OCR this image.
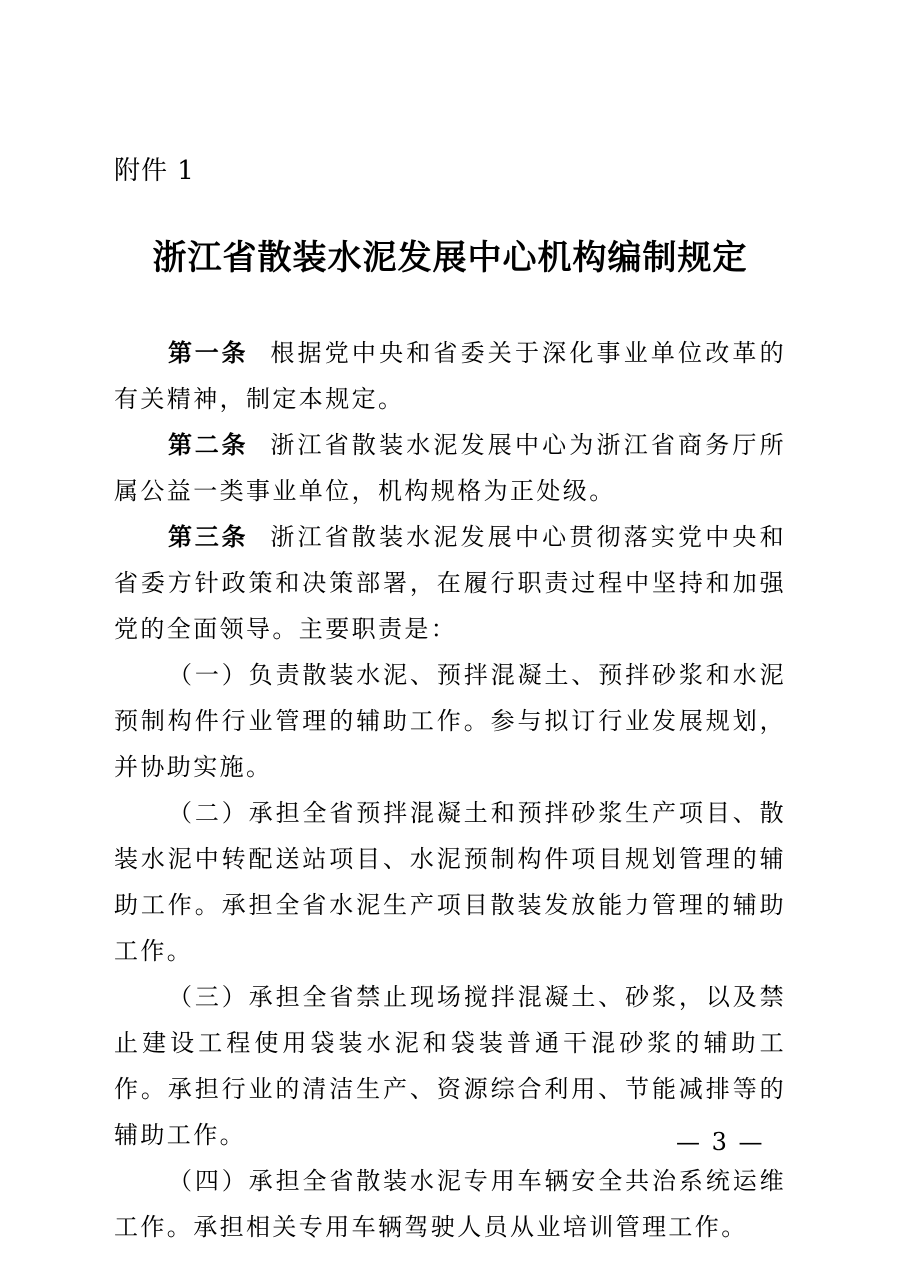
附件 1
浙江省散装水泥发展中心机构编制规定

第一条 根据党中央和省委关于深化事业单位改革的有关精神，制定本规定。

第二条 浙江省散装水泥发展中心为浙江省商务厅所属公益一类事业单位，机构规格为正处级。

第三条 浙江省散装水泥发展中心贯彻落实党中央和省委方针政策和决策部署，在履行职责过程中坚持和加强党的全面领导。主要职责是：

（一）负责散装水泥、预拌混凝土、预拌砂浆和水泥预制构件行业管理的辅助工作。参与拟订行业发展规划，并协助实施。

（二）承担全省预拌混凝土和预拌砂浆生产项目、散装水泥中转配送站项目、水泥预制构件项目规划管理的辅助工作。承担全省水泥生产项目散装发放能力管理的辅助工作。

（三）承担全省禁止现场搅拌混凝土、砂浆，以及禁止建设工程使用袋装水泥和袋装普通干混砂浆的辅助工作。承担行业的清洁生产、资源综合利用、节能减排等的辅助工作。

（四）承担全省散装水泥专用车辆安全共治系统运维工作。承担相关专用车辆驾驶人员从业培训管理工作。

— 3 —
